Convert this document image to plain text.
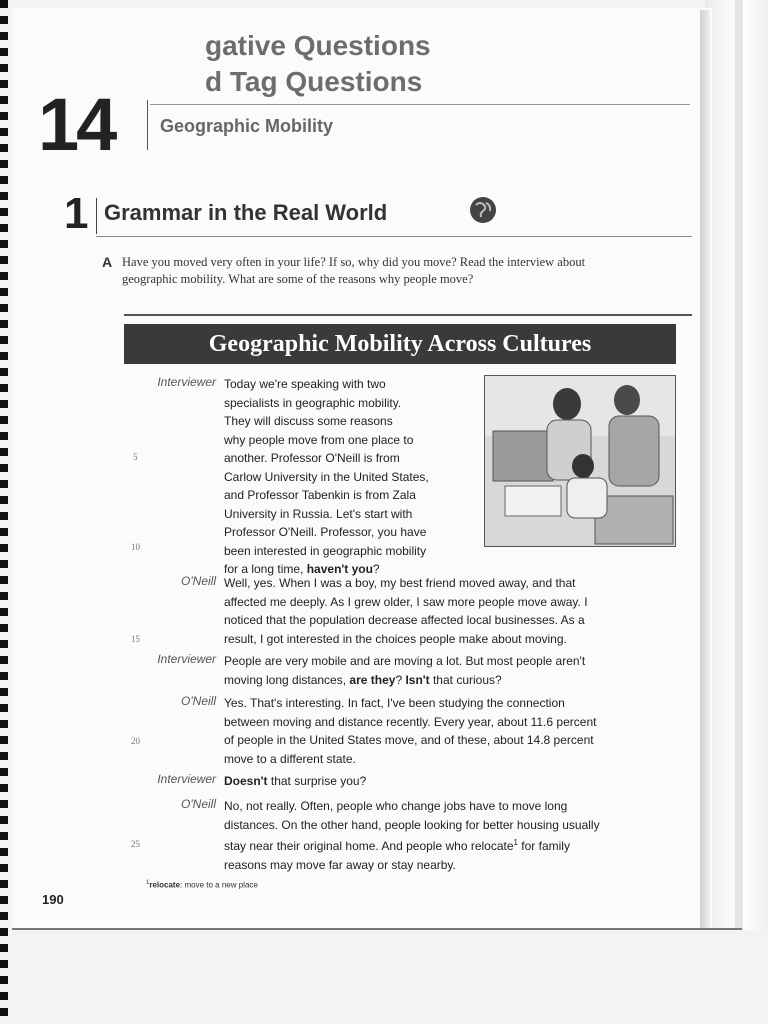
gative Questions
d Tag Questions
14	Geographic Mobility
1 Grammar in the Real World
A Have you moved very often in your life? If so, why did you move? Read the interview about geographic mobility. What are some of the reasons why people move?
Geographic Mobility Across Cultures
Interviewer Today we're speaking with two
specialists in geographic mobility.
They will discuss some reasons
why people move from one place to
another. Professor O'Neill is from
Carlow University in the United States,
and Professor Tabenkin is from Zala
University in Russia. Let's start with
Professor O'Neill. Professor, you have
been interested in geographic mobility
for a long time, haven't you?
O'Neill Well, yes. When I was a boy, my best friend moved away, and that
affected me deeply. As I grew older, I saw more people move away. I
noticed that the population decrease affected local businesses. As a
result, I got interested in the choices people make about moving.
Interviewer People are very mobile and are moving a lot. But most people aren't
moving long distances, are they? Isn't that curious?
O'Neill Yes. That's interesting. In fact, I've been studying the connection
between moving and distance recently. Every year, about 11.6 percent
of people in the United States move, and of these, about 14.8 percent
move to a different state.
Interviewer Doesn't that surprise you?
O'Neill No, not really. Often, people who change jobs have to move long
distances. On the other hand, people looking for better housing usually
stay near their original home. And people who relocate$^1$ for family
reasons may move far away or stay nearby.
5
10
15
20
25
$^1$relocate: move to a new place
190
